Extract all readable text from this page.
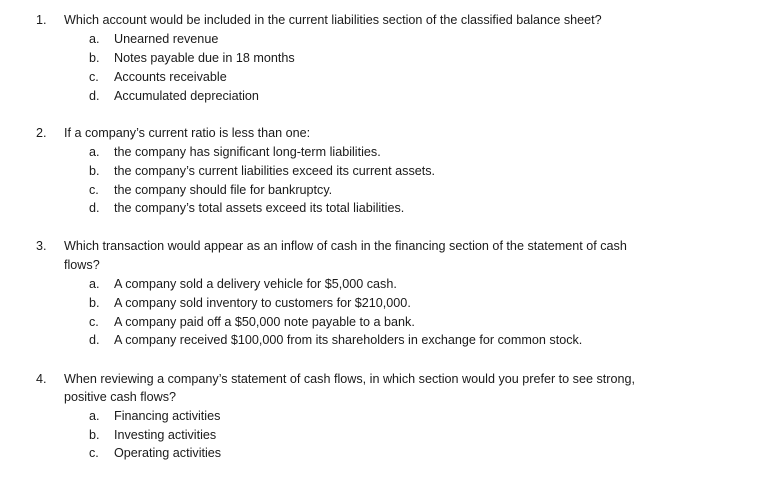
1.	Which account would be included in the current liabilities section of the classified balance sheet?
a.	Unearned revenue
b.	Notes payable due in 18 months
c.	Accounts receivable
d.	Accumulated depreciation
2.	If a company’s current ratio is less than one:
a.	the company has significant long-term liabilities.
b.	the company’s current liabilities exceed its current assets.
c.	the company should file for bankruptcy.
d.	the company’s total assets exceed its total liabilities.
3.	Which transaction would appear as an inflow of cash in the financing section of the statement of cash
flows?
a.	A company sold a delivery vehicle for $5,000 cash.
b.	A company sold inventory to customers for $210,000.
c.	A company paid off a $50,000 note payable to a bank.
d.	A company received $100,000 from its shareholders in exchange for common stock.
4.	When reviewing a company’s statement of cash flows, in which section would you prefer to see strong,
positive cash flows?
a.	Financing activities
b.	Investing activities
c.	Operating activities
